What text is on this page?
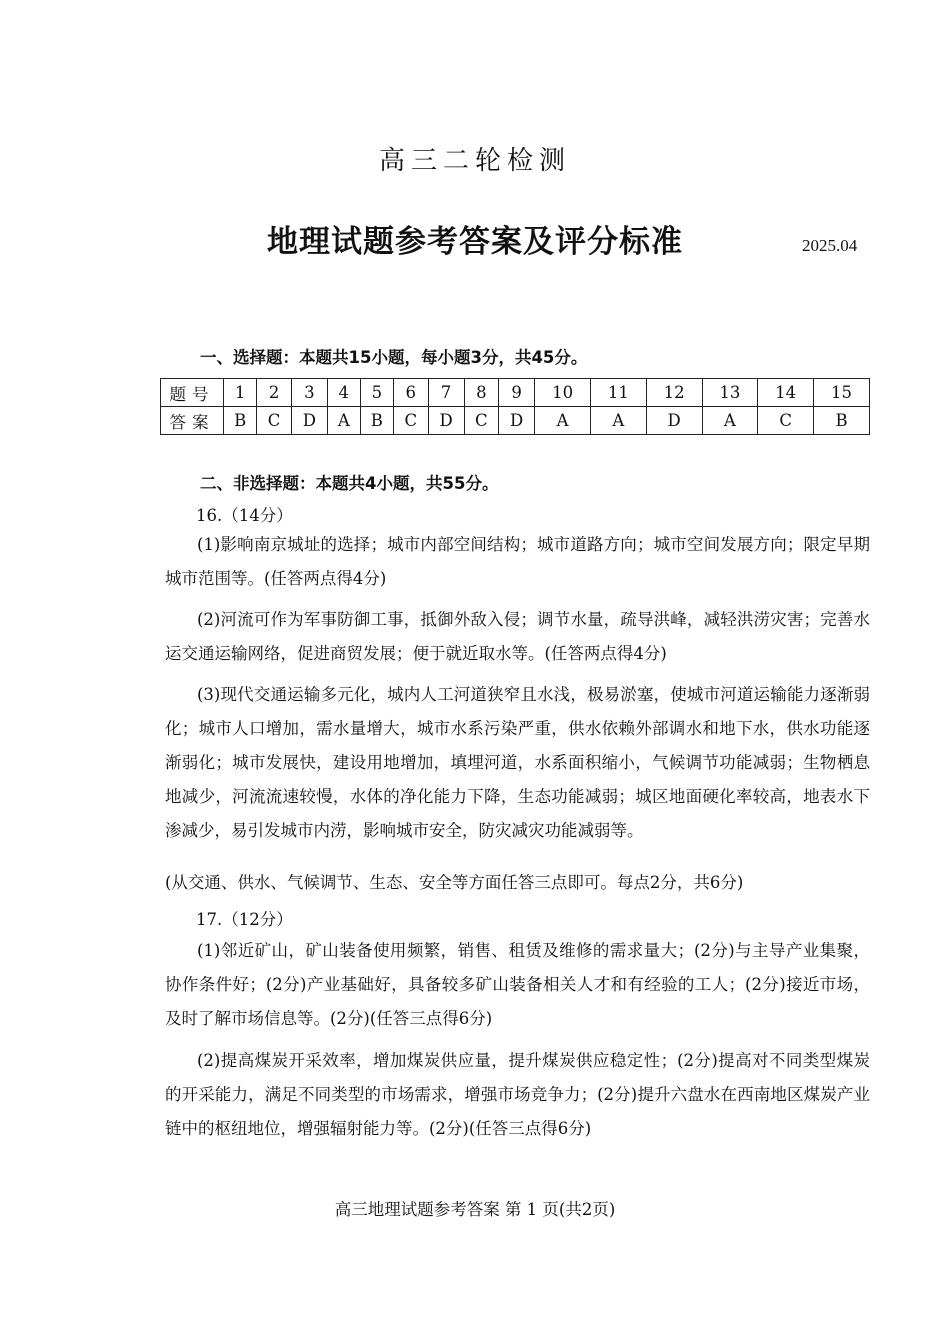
高三二轮检测
地理试题参考答案及评分标准	2025.04
一、选择题：本题共15小题，每小题3分，共45分。
题号	1	2	3	4	5	6	7	8	9	10	11	12	13	14	15
答案	B	C	D	A	B	C	D	C	D	A	A	D	A	C	B
二、非选择题：本题共4小题，共55分。
16.（14分）
(1)影响南京城址的选择；城市内部空间结构；城市道路方向；城市空间发展方向；限定早期城市范围等。(任答两点得4分)
(2)河流可作为军事防御工事，抵御外敌入侵；调节水量，疏导洪峰，减轻洪涝灾害；完善水运交通运输网络，促进商贸发展；便于就近取水等。(任答两点得4分)
(3)现代交通运输多元化，城内人工河道狭窄且水浅，极易淤塞，使城市河道运输能力逐渐弱化；城市人口增加，需水量增大，城市水系污染严重，供水依赖外部调水和地下水，供水功能逐渐弱化；城市发展快，建设用地增加，填埋河道，水系面积缩小，气候调节功能减弱；生物栖息地减少，河流流速较慢，水体的净化能力下降，生态功能减弱；城区地面硬化率较高，地表水下渗减少，易引发城市内涝，影响城市安全，防灾减灾功能减弱等。
(从交通、供水、气候调节、生态、安全等方面任答三点即可。每点2分，共6分)
17.（12分）
(1)邻近矿山，矿山装备使用频繁，销售、租赁及维修的需求量大；(2分)与主导产业集聚，协作条件好；(2分)产业基础好，具备较多矿山装备相关人才和有经验的工人；(2分)接近市场，及时了解市场信息等。(2分)(任答三点得6分)
(2)提高煤炭开采效率，增加煤炭供应量，提升煤炭供应稳定性；(2分)提高对不同类型煤炭的开采能力，满足不同类型的市场需求，增强市场竞争力；(2分)提升六盘水在西南地区煤炭产业链中的枢纽地位，增强辐射能力等。(2分)(任答三点得6分)
高三地理试题参考答案 第 1 页(共2页)
